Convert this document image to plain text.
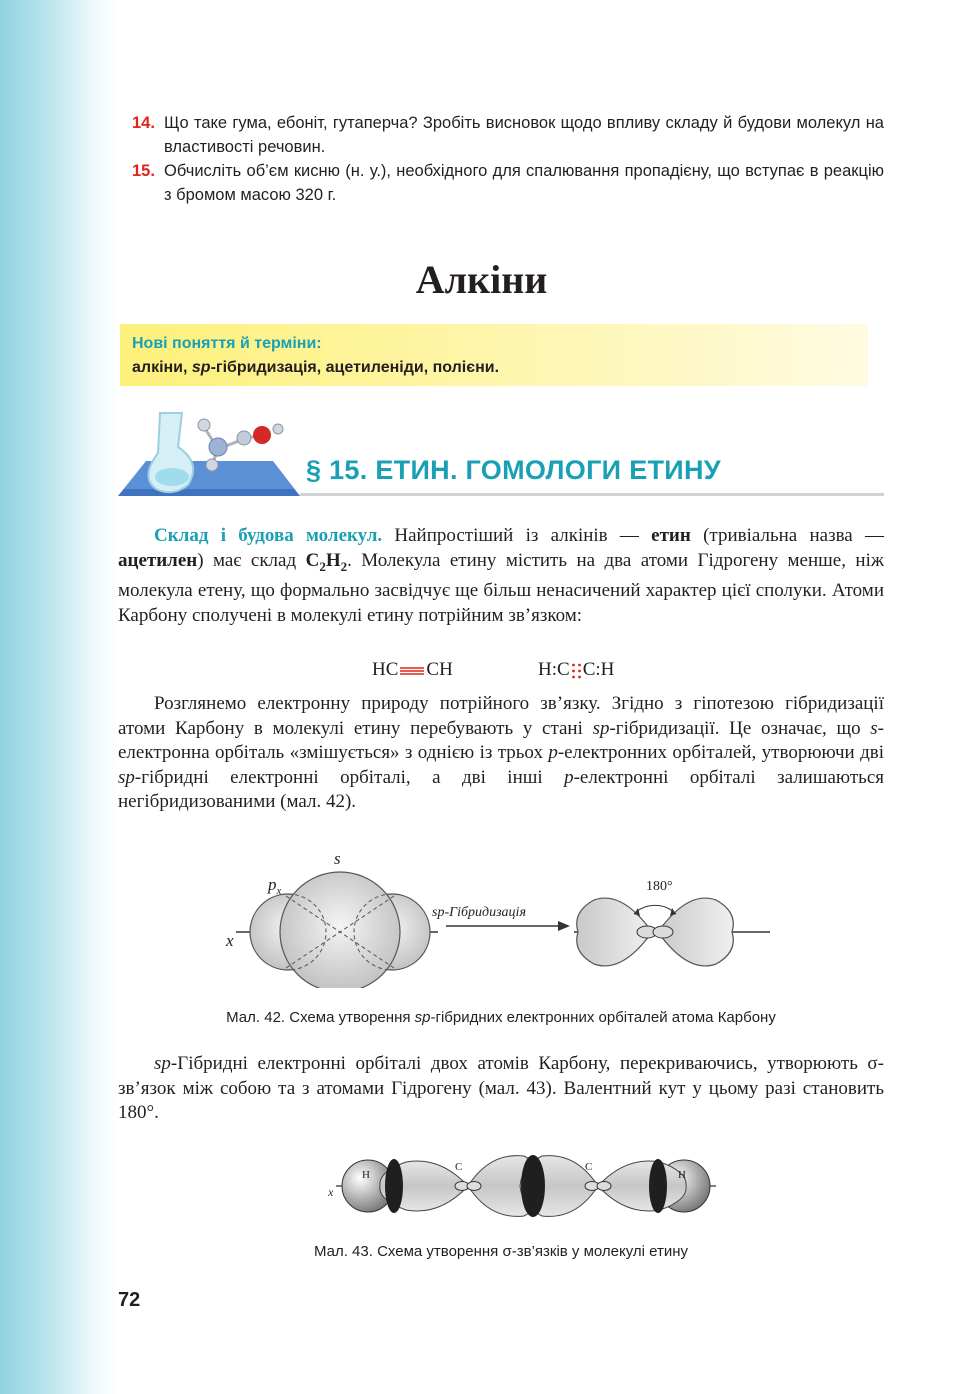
14. Що таке гума, ебоніт, гутаперча? Зробіть висновок щодо впливу складу й будови молекул на властивості речовин.
15. Обчисліть об’єм кисню (н. у.), необхідного для спалювання пропадієну, що вступає в реакцію з бромом масою 320 г.
Алкіни
Нові поняття й терміни:
алкіни, sp-гібридизація, ацетиленіди, полієни.
§ 15. ЕТИН. ГОМОЛОГИ ЕТИНУ
Склад і будова молекул. Найпростіший із алкінів — етин (тривіальна назва — ацетилен) має склад $C_2H_2$. Молекула етину містить на два атоми Гідрогену менше, ніж молекула етену, що формально засвідчує ще більш ненасичений характер цієї сполуки. Атоми Карбону сполучені в молекулі етину потрійним зв’язком:
HC CH	H:C C:H
Розглянемо електронну природу потрійного зв’язку. Згідно з гіпотезою гібридизації атоми Карбону в молекулі етину перебувають у стані sp-гібридизації. Це означає, що s-електронна орбіталь «змішується» з однією із трьох p-електронних орбіталей, утворюючи дві sp-гібридні електронні орбіталі, а дві інші p-електронні орбіталі залишаються негібридизованими (мал. 42).
s
$p_x$
x
sp-Гібридизація
180°
Мал. 42. Схема утворення sp-гібридних електронних орбіталей атома Карбону
sp-Гібридні електронні орбіталі двох атомів Карбону, перекриваючись, утворюють σ-зв’язок між собою та з атомами Гідрогену (мал. 43). Валентний кут у цьому разі становить 180°.
H	H
C	C
x
Мал. 43. Схема утворення σ-зв’язків у молекулі етину
72
